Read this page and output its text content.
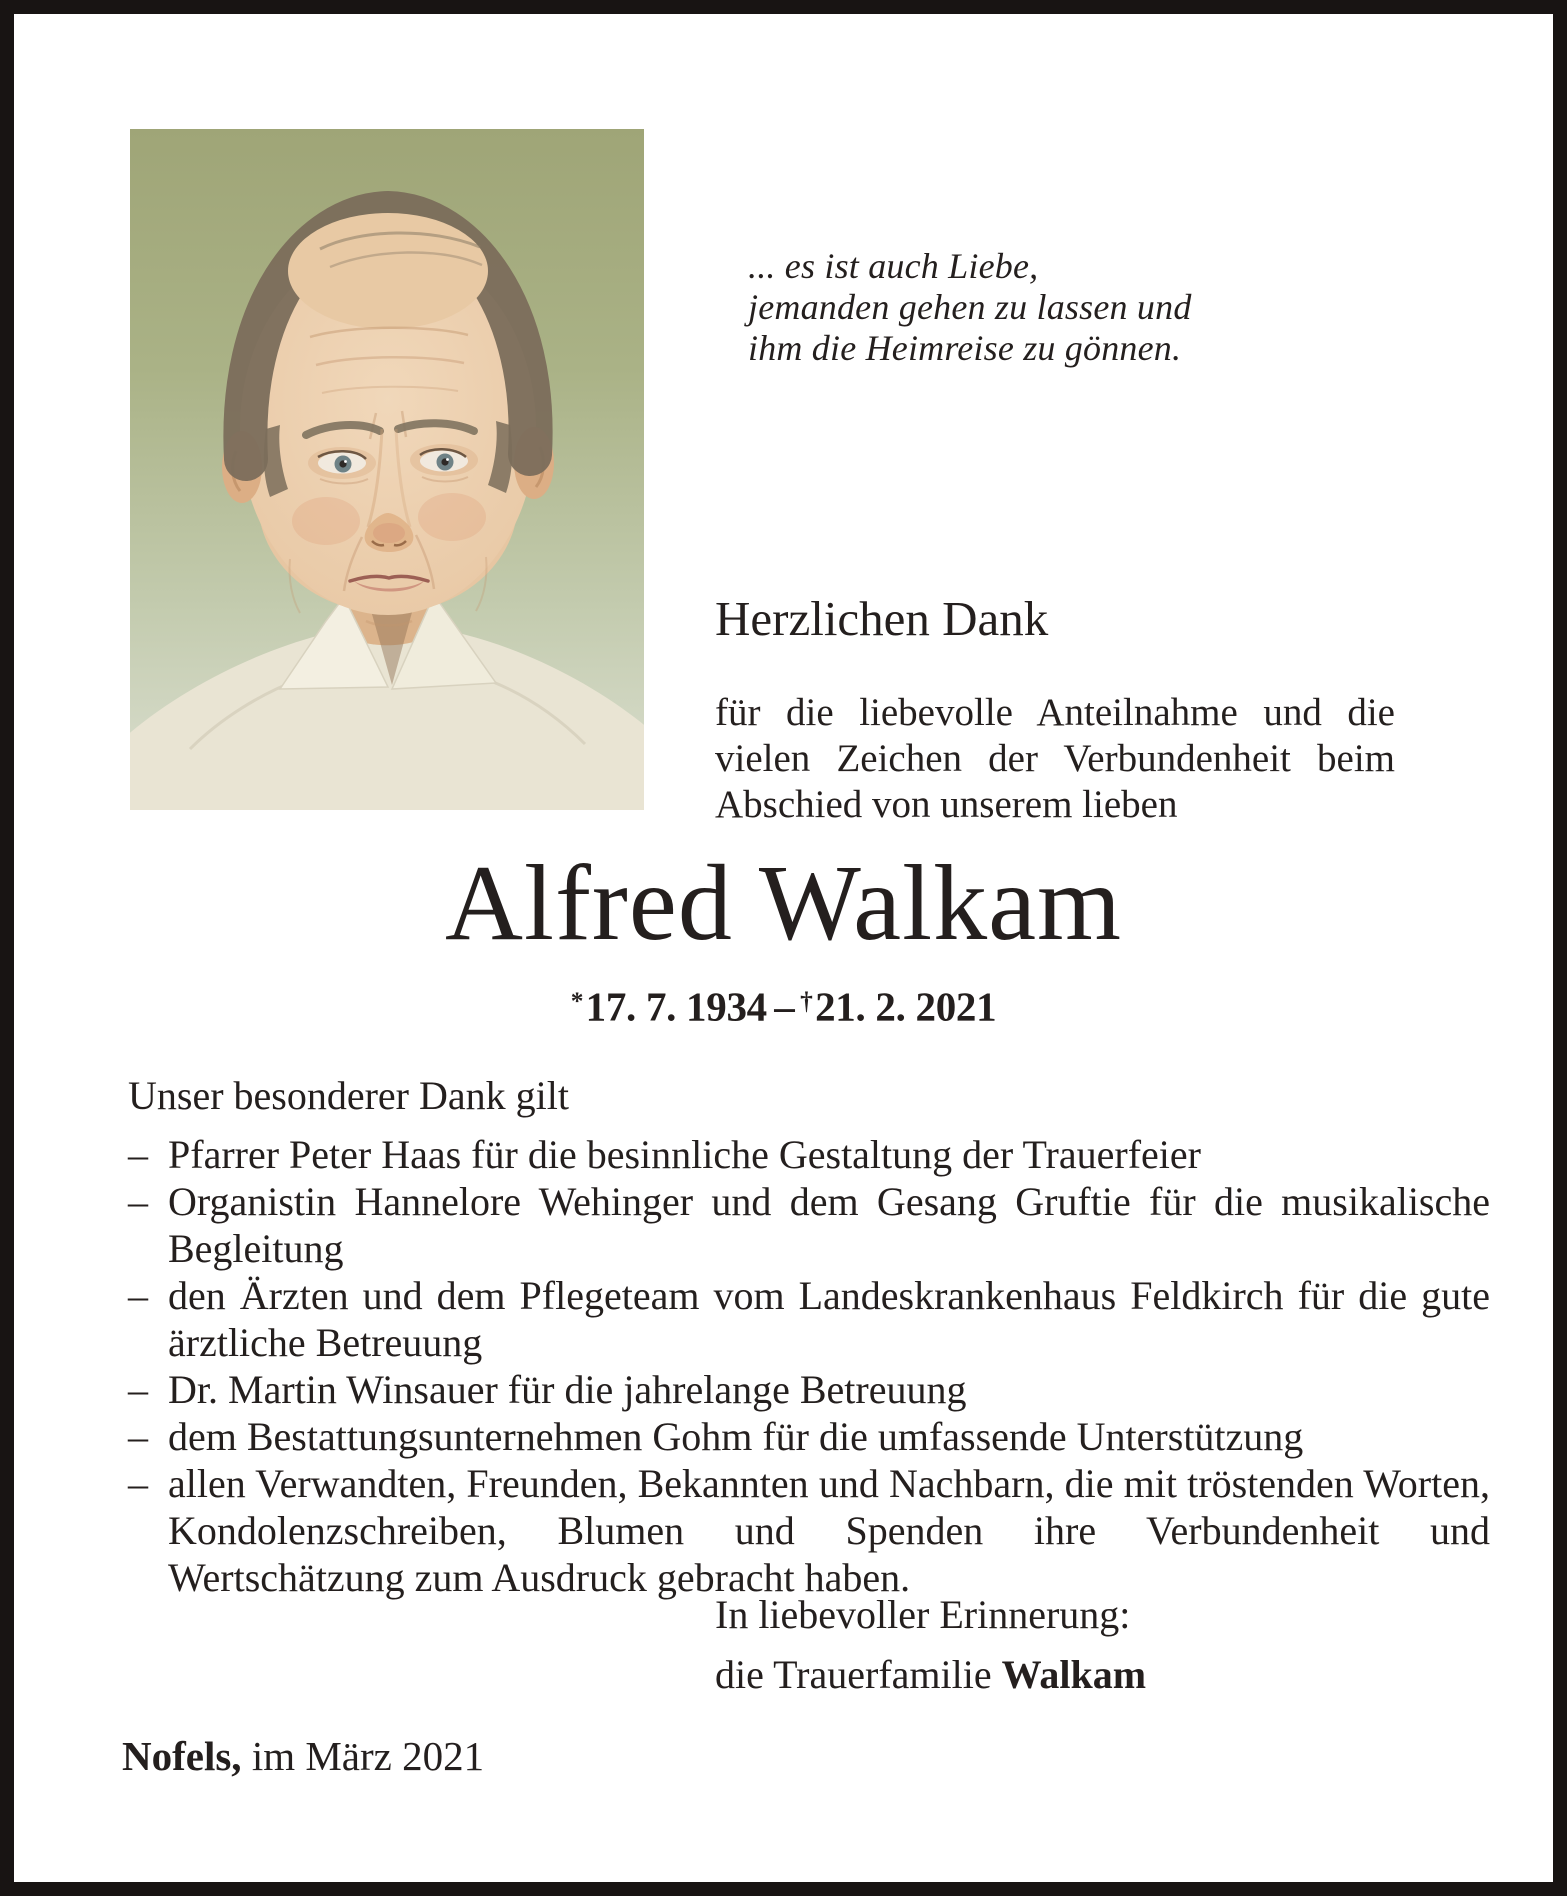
... es ist auch Liebe,
jemanden gehen zu lassen und
ihm die Heimreise zu gönnen.
Herzlichen Dank
für die liebevolle Anteilnahme und die vielen Zeichen der Verbundenheit beim Abschied von unserem lieben
Alfred Walkam
*17. 7. 1934 – †21. 2. 2021
Unser besonderer Dank gilt
– Pfarrer Peter Haas für die besinnliche Gestaltung der Trauerfeier
– Organistin Hannelore Wehinger und dem Gesang Gruftie für die musikalische Begleitung
– den Ärzten und dem Pflegeteam vom Landeskrankenhaus Feldkirch für die gute ärztliche Betreuung
– Dr. Martin Winsauer für die jahrelange Betreuung
– dem Bestattungsunternehmen Gohm für die umfassende Unterstützung
– allen Verwandten, Freunden, Bekannten und Nachbarn, die mit tröstenden Worten, Kondolenzschreiben, Blumen und Spenden ihre Verbundenheit und Wertschätzung zum Ausdruck gebracht haben.
In liebevoller Erinnerung:
die Trauerfamilie Walkam
Nofels, im März 2021
